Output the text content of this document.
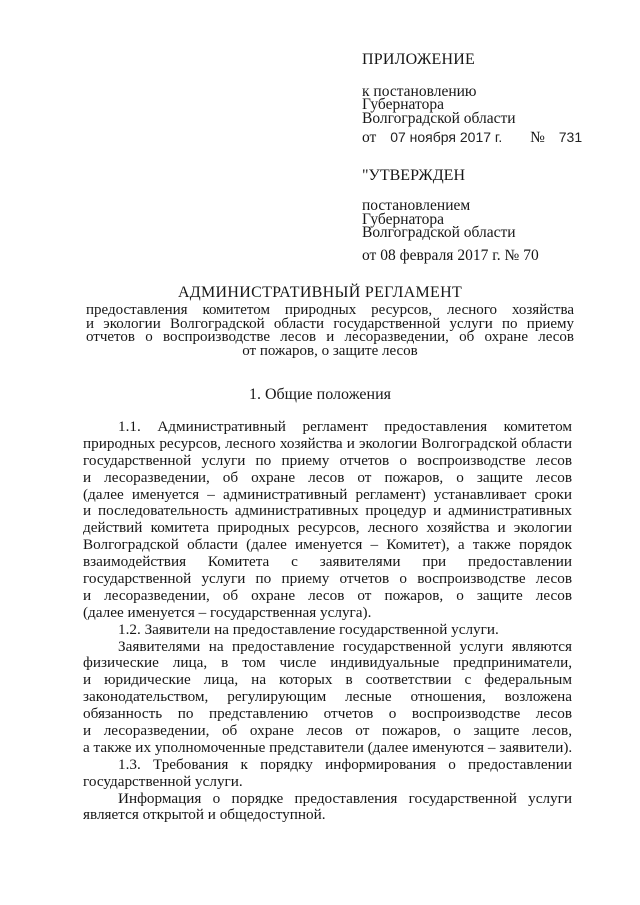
ПРИЛОЖЕНИЕ
к постановлению
Губернатора
Волгоградской области
от 07 ноября 2017 г. № 731
"УТВЕРЖДЕН
постановлением
Губернатора
Волгоградской области
от 08 февраля 2017 г. № 70
АДМИНИСТРАТИВНЫЙ РЕГЛАМЕНТ
предоставления комитетом природных ресурсов, лесного хозяйства
и экологии Волгоградской области государственной услуги по приему
отчетов о воспроизводстве лесов и лесоразведении, об охране лесов
от пожаров, о защите лесов
1. Общие положения
1.1. Административный регламент предоставления комитетом
природных ресурсов, лесного хозяйства и экологии Волгоградской области
государственной услуги по приему отчетов о воспроизводстве лесов
и лесоразведении, об охране лесов от пожаров, о защите лесов
(далее именуется – административный регламент) устанавливает сроки
и последовательность административных процедур и административных
действий комитета природных ресурсов, лесного хозяйства и экологии
Волгоградской области (далее именуется – Комитет), а также порядок
взаимодействия Комитета с заявителями при предоставлении
государственной услуги по приему отчетов о воспроизводстве лесов
и лесоразведении, об охране лесов от пожаров, о защите лесов
(далее именуется – государственная услуга).
1.2. Заявители на предоставление государственной услуги.
Заявителями на предоставление государственной услуги являются
физические лица, в том числе индивидуальные предприниматели,
и юридические лица, на которых в соответствии с федеральным
законодательством, регулирующим лесные отношения, возложена
обязанность по представлению отчетов о воспроизводстве лесов
и лесоразведении, об охране лесов от пожаров, о защите лесов,
а также их уполномоченные представители (далее именуются – заявители).
1.3. Требования к порядку информирования о предоставлении
государственной услуги.
Информация о порядке предоставления государственной услуги
является открытой и общедоступной.
